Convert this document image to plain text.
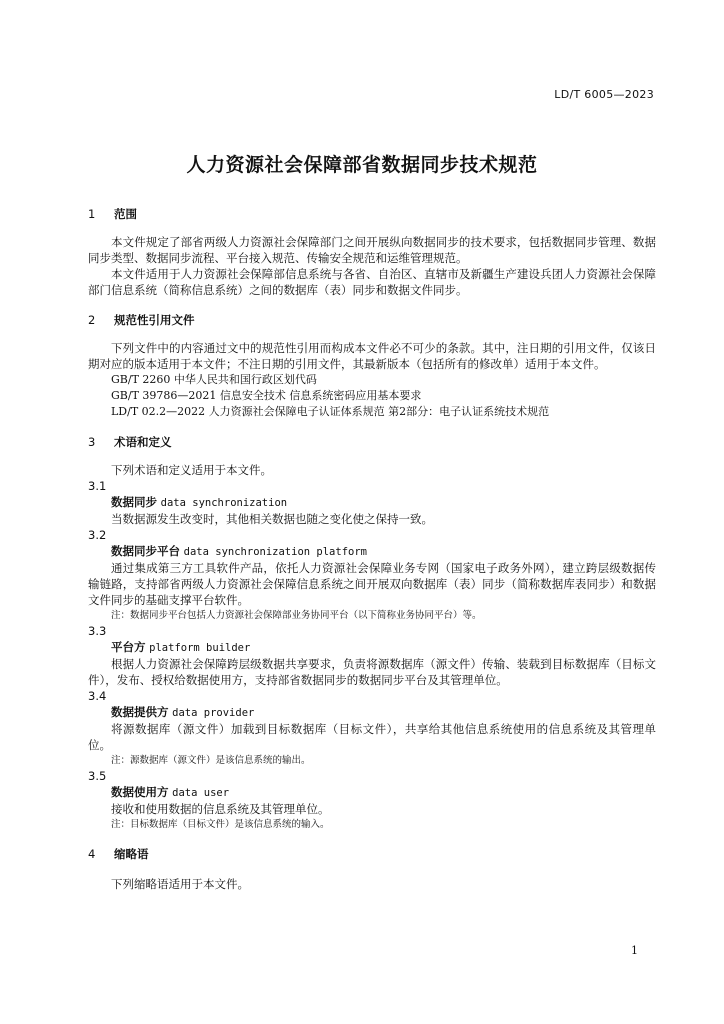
LD/T 6005—2023
人力资源社会保障部省数据同步技术规范
1 范围

本文件规定了部省两级人力资源社会保障部门之间开展纵向数据同步的技术要求，包括数据同步管理、数据同步类型、数据同步流程、平台接入规范、传输安全规范和运维管理规范。

本文件适用于人力资源社会保障部信息系统与各省、自治区、直辖市及新疆生产建设兵团人力资源社会保障部门信息系统（简称信息系统）之间的数据库（表）同步和数据文件同步。

2 规范性引用文件

下列文件中的内容通过文中的规范性引用而构成本文件必不可少的条款。其中，注日期的引用文件，仅该日期对应的版本适用于本文件；不注日期的引用文件，其最新版本（包括所有的修改单）适用于本文件。

GB/T 2260 中华人民共和国行政区划代码

GB/T 39786—2021 信息安全技术 信息系统密码应用基本要求

LD/T 02.2—2022 人力资源社会保障电子认证体系规范 第2部分：电子认证系统技术规范

3 术语和定义

下列术语和定义适用于本文件。

3.1

数据同步 data synchronization

当数据源发生改变时，其他相关数据也随之变化使之保持一致。

3.2

数据同步平台 data synchronization platform

通过集成第三方工具软件产品，依托人力资源社会保障业务专网（国家电子政务外网），建立跨层级数据传输链路，支持部省两级人力资源社会保障信息系统之间开展双向数据库（表）同步（简称数据库表同步）和数据文件同步的基础支撑平台软件。

注：数据同步平台包括人力资源社会保障部业务协同平台（以下简称业务协同平台）等。

3.3

平台方 platform builder

根据人力资源社会保障跨层级数据共享要求，负责将源数据库（源文件）传输、装载到目标数据库（目标文件），发布、授权给数据使用方，支持部省数据同步的数据同步平台及其管理单位。

3.4

数据提供方 data provider

将源数据库（源文件）加载到目标数据库（目标文件），共享给其他信息系统使用的信息系统及其管理单位。

注：源数据库（源文件）是该信息系统的输出。

3.5

数据使用方 data user

接收和使用数据的信息系统及其管理单位。

注：目标数据库（目标文件）是该信息系统的输入。

4 缩略语

下列缩略语适用于本文件。

1
